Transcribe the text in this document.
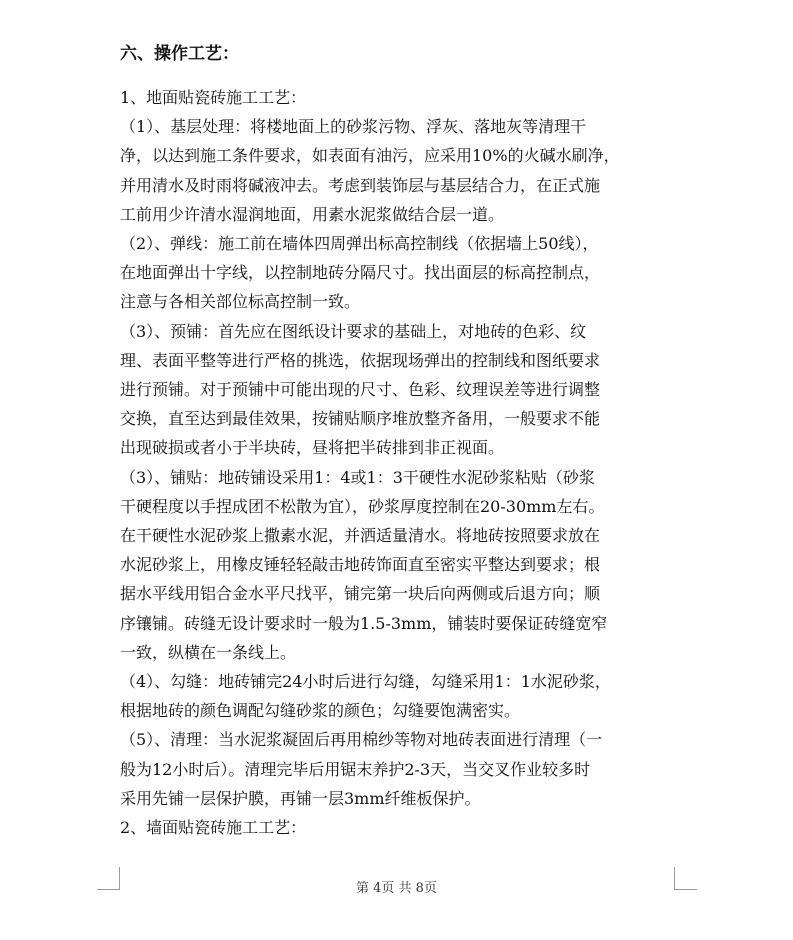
六、操作工艺：
1、地面贴瓷砖施工工艺：
（1）、基层处理：将楼地面上的砂浆污物、浮灰、落地灰等清理干
净，以达到施工条件要求，如表面有油污，应采用10%的火碱水刷净，
并用清水及时雨将碱液冲去。考虑到装饰层与基层结合力，在正式施
工前用少许清水湿润地面，用素水泥浆做结合层一道。
（2）、弹线：施工前在墙体四周弹出标高控制线（依据墙上50线），
在地面弹出十字线，以控制地砖分隔尺寸。找出面层的标高控制点，
注意与各相关部位标高控制一致。
（3）、预铺：首先应在图纸设计要求的基础上，对地砖的色彩、纹
理、表面平整等进行严格的挑选，依据现场弹出的控制线和图纸要求
进行预铺。对于预铺中可能出现的尺寸、色彩、纹理误差等进行调整
交换，直至达到最佳效果，按铺贴顺序堆放整齐备用，一般要求不能
出现破损或者小于半块砖，昼将把半砖排到非正视面。
（3）、铺贴：地砖铺设采用1：4或1：3干硬性水泥砂浆粘贴（砂浆
干硬程度以手捏成团不松散为宜），砂浆厚度控制在20-30mm左右。
在干硬性水泥砂浆上撒素水泥，并洒适量清水。将地砖按照要求放在
水泥砂浆上，用橡皮锤轻轻敲击地砖饰面直至密实平整达到要求；根
据水平线用铝合金水平尺找平，铺完第一块后向两侧或后退方向；顺
序镶铺。砖缝无设计要求时一般为1.5-3mm，铺装时要保证砖缝宽窄
一致，纵横在一条线上。
（4）、勾缝：地砖铺完24小时后进行勾缝，勾缝采用1：1水泥砂浆，
根据地砖的颜色调配勾缝砂浆的颜色；勾缝要饱满密实。
（5）、清理：当水泥浆凝固后再用棉纱等物对地砖表面进行清理（一
般为12小时后）。清理完毕后用锯末养护2-3天，当交叉作业较多时
采用先铺一层保护膜，再铺一层3mm纤维板保护。
2、墙面贴瓷砖施工工艺：
第 4页 共 8页
